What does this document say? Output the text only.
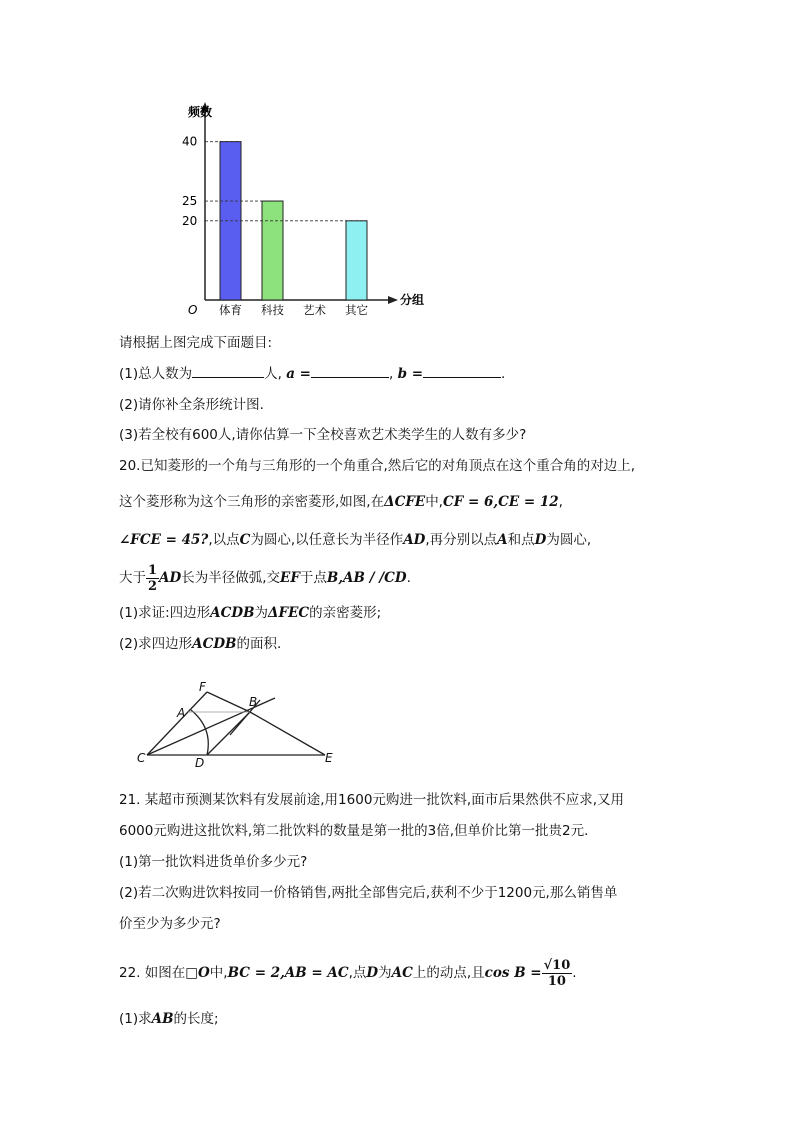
频数
分组
O
20
25
40
体育 科技 艺术 其它
请根据上图完成下面题目:
(1)总人数为	人, a =	, b =	.
(2)请你补全条形统计图.
(3)若全校有600人,请你估算一下全校喜欢艺术类学生的人数有多少?
20.已知菱形的一个角与三角形的一个角重合,然后它的对角顶点在这个重合角的对边上,
这个菱形称为这个三角形的亲密菱形,如图,在ΔCFE中,CF = 6,CE = 12,
∠FCE = 45?,以点C为圆心,以任意长为半径作AD,再分别以点A和点D为圆心,
大于 $\frac{1}{2}$ AD长为半径做弧,交EF于点B,AB / /CD.
(1)求证:四边形ACDB为ΔFEC的亲密菱形;
(2)求四边形ACDB的面积.
F
A
B
C	D	E
21. 某超市预测某饮料有发展前途,用1600元购进一批饮料,面市后果然供不应求,又用
6000元购进这批饮料,第二批饮料的数量是第一批的3倍,但单价比第一批贵2元.
(1)第一批饮料进货单价多少元?
(2)若二次购进饮料按同一价格销售,两批全部售完后,获利不少于1200元,那么销售单
价至少为多少元?
22. 如图在□O中,BC = 2,AB = AC,点D为AC上的动点,且$\cos B = \frac{√10}{10}$ .
(1)求AB的长度;
